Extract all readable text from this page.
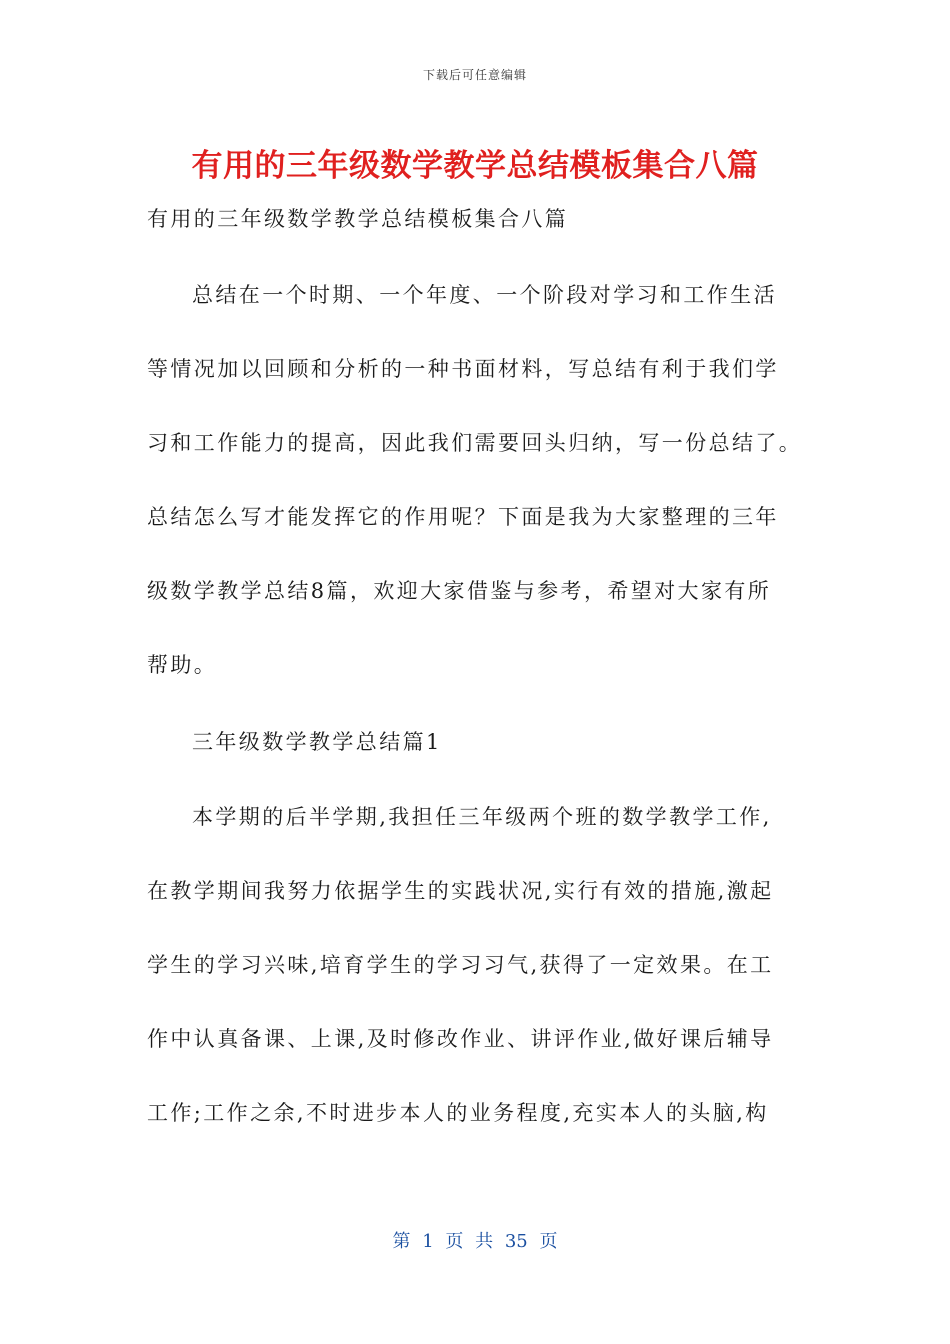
下载后可任意编辑
有用的三年级数学教学总结模板集合八篇
有用的三年级数学教学总结模板集合八篇
总结在一个时期、一个年度、一个阶段对学习和工作生活
等情况加以回顾和分析的一种书面材料，写总结有利于我们学
习和工作能力的提高，因此我们需要回头归纳，写一份总结了。
总结怎么写才能发挥它的作用呢？下面是我为大家整理的三年
级数学教学总结8篇，欢迎大家借鉴与参考，希望对大家有所
帮助。
三年级数学教学总结篇1
本学期的后半学期,我担任三年级两个班的数学教学工作,
在教学期间我努力依据学生的实践状况,实行有效的措施,激起
学生的学习兴味,培育学生的学习习气,获得了一定效果。在工
作中认真备课、上课,及时修改作业、讲评作业,做好课后辅导
工作;工作之余,不时进步本人的业务程度,充实本人的头脑,构
第 1 页 共 35 页
